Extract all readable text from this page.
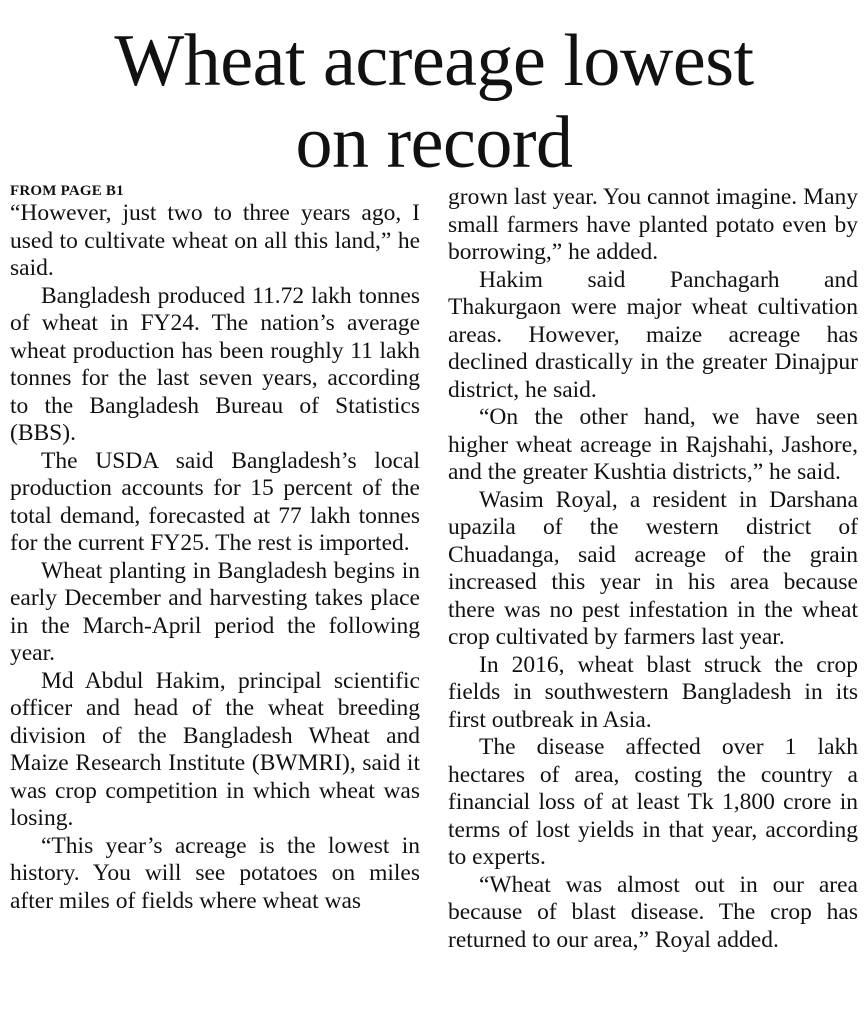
Wheat acreage lowest
on record
FROM PAGE B1

“However, just two to three years ago, I used to cultivate wheat on all this land,” he said.

Bangladesh produced 11.72 lakh tonnes of wheat in FY24. The nation’s average wheat production has been roughly 11 lakh tonnes for the last seven years, according to the Bangladesh Bureau of Statistics (BBS).

The USDA said Bangladesh’s local production accounts for 15 percent of the total demand, forecasted at 77 lakh tonnes for the current FY25. The rest is imported.

Wheat planting in Bangladesh begins in early December and harvesting takes place in the March-April period the following year.

Md Abdul Hakim, principal scientific officer and head of the wheat breeding division of the Bangladesh Wheat and Maize Research Institute (BWMRI), said it was crop competition in which wheat was losing.

“This year’s acreage is the lowest in history. You will see potatoes on miles after miles of fields where wheat was

grown last year. You cannot imagine. Many small farmers have planted potato even by borrowing,” he added.

Hakim said Panchagarh and Thakurgaon were major wheat cultivation areas. However, maize acreage has declined drastically in the greater Dinajpur district, he said.

“On the other hand, we have seen higher wheat acreage in Rajshahi, Jashore, and the greater Kushtia districts,” he said.

Wasim Royal, a resident in Darshana upazila of the western district of Chuadanga, said acreage of the grain increased this year in his area because there was no pest infestation in the wheat crop cultivated by farmers last year.

In 2016, wheat blast struck the crop fields in southwestern Bangladesh in its first outbreak in Asia.

The disease affected over 1 lakh hectares of area, costing the country a financial loss of at least Tk 1,800 crore in terms of lost yields in that year, according to experts.

“Wheat was almost out in our area because of blast disease. The crop has returned to our area,” Royal added.
